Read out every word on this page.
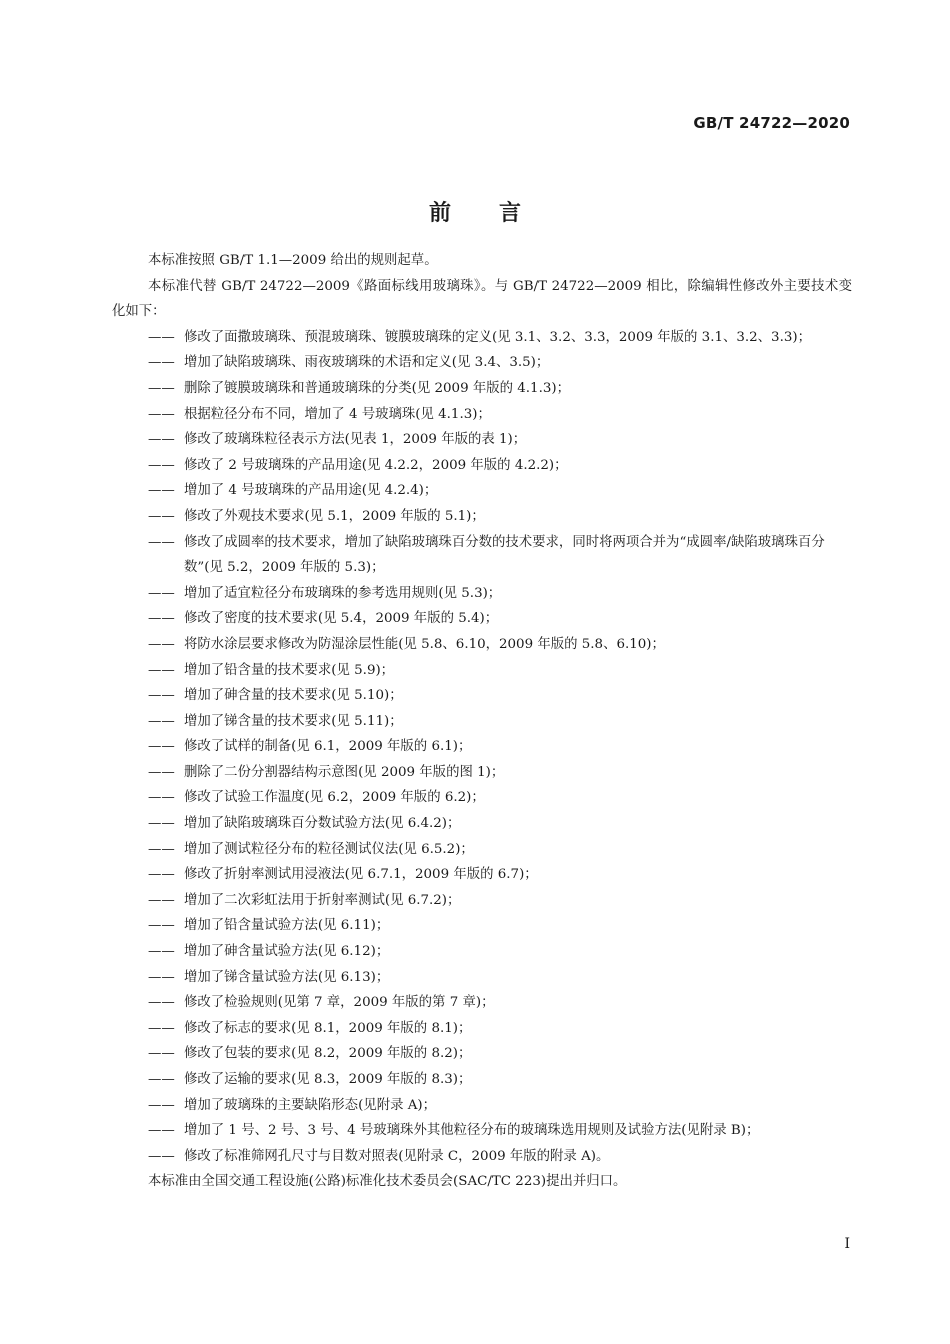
GB/T 24722—2020
前言

本标准按照 GB/T 1.1—2009 给出的规则起草。

本标准代替 GB/T 24722—2009《路面标线用玻璃珠》。与 GB/T 24722—2009 相比，除编辑性修改外主要技术变化如下：

—— 修改了面撒玻璃珠、预混玻璃珠、镀膜玻璃珠的定义(见 3.1、3.2、3.3，2009 年版的 3.1、3.2、3.3)；
—— 增加了缺陷玻璃珠、雨夜玻璃珠的术语和定义(见 3.4、3.5)；
—— 删除了镀膜玻璃珠和普通玻璃珠的分类(见 2009 年版的 4.1.3)；
—— 根据粒径分布不同，增加了 4 号玻璃珠(见 4.1.3)；
—— 修改了玻璃珠粒径表示方法(见表 1，2009 年版的表 1)；
—— 修改了 2 号玻璃珠的产品用途(见 4.2.2，2009 年版的 4.2.2)；
—— 增加了 4 号玻璃珠的产品用途(见 4.2.4)；
—— 修改了外观技术要求(见 5.1，2009 年版的 5.1)；
—— 修改了成圆率的技术要求，增加了缺陷玻璃珠百分数的技术要求，同时将两项合并为“成圆率/缺陷玻璃珠百分数”(见 5.2，2009 年版的 5.3)；
—— 增加了适宜粒径分布玻璃珠的参考选用规则(见 5.3)；
—— 修改了密度的技术要求(见 5.4，2009 年版的 5.4)；
—— 将防水涂层要求修改为防湿涂层性能(见 5.8、6.10，2009 年版的 5.8、6.10)；
—— 增加了铅含量的技术要求(见 5.9)；
—— 增加了砷含量的技术要求(见 5.10)；
—— 增加了锑含量的技术要求(见 5.11)；
—— 修改了试样的制备(见 6.1，2009 年版的 6.1)；
—— 删除了二份分割器结构示意图(见 2009 年版的图 1)；
—— 修改了试验工作温度(见 6.2，2009 年版的 6.2)；
—— 增加了缺陷玻璃珠百分数试验方法(见 6.4.2)；
—— 增加了测试粒径分布的粒径测试仪法(见 6.5.2)；
—— 修改了折射率测试用浸液法(见 6.7.1，2009 年版的 6.7)；
—— 增加了二次彩虹法用于折射率测试(见 6.7.2)；
—— 增加了铅含量试验方法(见 6.11)；
—— 增加了砷含量试验方法(见 6.12)；
—— 增加了锑含量试验方法(见 6.13)；
—— 修改了检验规则(见第 7 章，2009 年版的第 7 章)；
—— 修改了标志的要求(见 8.1，2009 年版的 8.1)；
—— 修改了包装的要求(见 8.2，2009 年版的 8.2)；
—— 修改了运输的要求(见 8.3，2009 年版的 8.3)；
—— 增加了玻璃珠的主要缺陷形态(见附录 A)；
—— 增加了 1 号、2 号、3 号、4 号玻璃珠外其他粒径分布的玻璃珠选用规则及试验方法(见附录 B)；
—— 修改了标准筛网孔尺寸与目数对照表(见附录 C，2009 年版的附录 A)。

本标准由全国交通工程设施(公路)标准化技术委员会(SAC/TC 223)提出并归口。

I
